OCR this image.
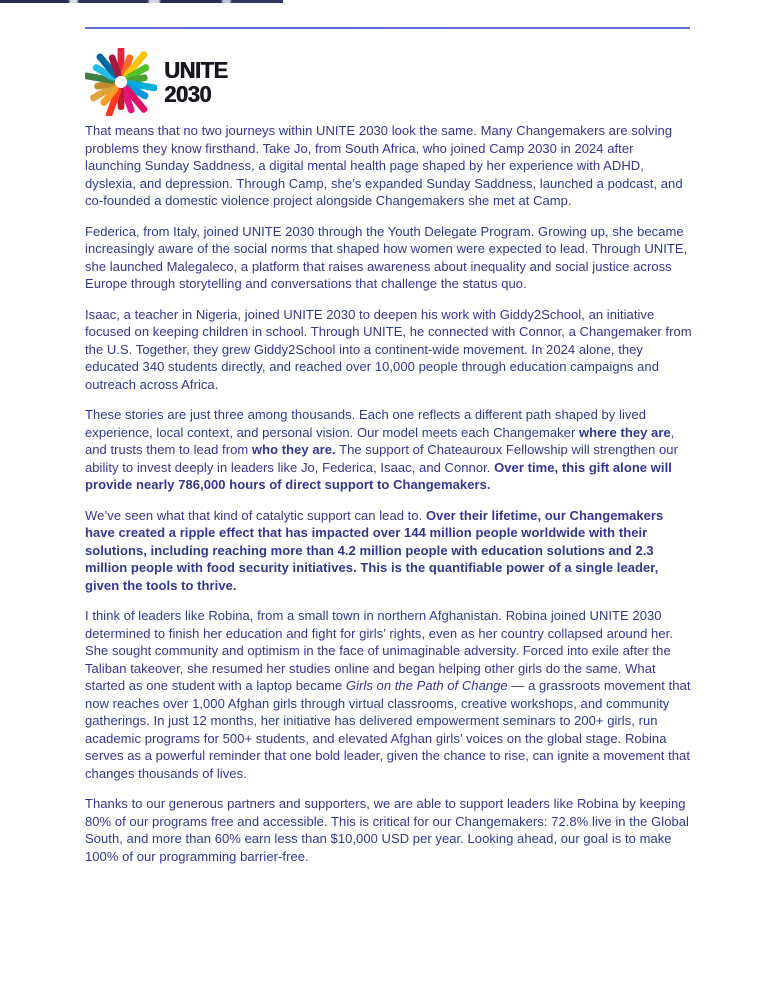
UNITE
2030

That means that no two journeys within UNITE 2030 look the same. Many Changemakers are solving problems they know firsthand. Take Jo, from South Africa, who joined Camp 2030 in 2024 after launching Sunday Saddness, a digital mental health page shaped by her experience with ADHD, dyslexia, and depression. Through Camp, she’s expanded Sunday Saddness, launched a podcast, and co-founded a domestic violence project alongside Changemakers she met at Camp.

Federica, from Italy, joined UNITE 2030 through the Youth Delegate Program. Growing up, she became increasingly aware of the social norms that shaped how women were expected to lead. Through UNITE, she launched Malegaleco, a platform that raises awareness about inequality and social justice across Europe through storytelling and conversations that challenge the status quo.

Isaac, a teacher in Nigeria, joined UNITE 2030 to deepen his work with Giddy2School, an initiative focused on keeping children in school. Through UNITE, he connected with Connor, a Changemaker from the U.S. Together, they grew Giddy2School into a continent-wide movement. In 2024 alone, they educated 340 students directly, and reached over 10,000 people through education campaigns and outreach across Africa.

These stories are just three among thousands. Each one reflects a different path shaped by lived experience, local context, and personal vision. Our model meets each Changemaker where they are, and trusts them to lead from who they are. The support of Chateauroux Fellowship will strengthen our ability to invest deeply in leaders like Jo, Federica, Isaac, and Connor. Over time, this gift alone will provide nearly 786,000 hours of direct support to Changemakers.

We’ve seen what that kind of catalytic support can lead to. Over their lifetime, our Changemakers have created a ripple effect that has impacted over 144 million people worldwide with their solutions, including reaching more than 4.2 million people with education solutions and 2.3 million people with food security initiatives. This is the quantifiable power of a single leader, given the tools to thrive.

I think of leaders like Robina, from a small town in northern Afghanistan. Robina joined UNITE 2030 determined to finish her education and fight for girls’ rights, even as her country collapsed around her. She sought community and optimism in the face of unimaginable adversity. Forced into exile after the Taliban takeover, she resumed her studies online and began helping other girls do the same. What started as one student with a laptop became Girls on the Path of Change — a grassroots movement that now reaches over 1,000 Afghan girls through virtual classrooms, creative workshops, and community gatherings. In just 12 months, her initiative has delivered empowerment seminars to 200+ girls, run academic programs for 500+ students, and elevated Afghan girls’ voices on the global stage. Robina serves as a powerful reminder that one bold leader, given the chance to rise, can ignite a movement that changes thousands of lives.

Thanks to our generous partners and supporters, we are able to support leaders like Robina by keeping 80% of our programs free and accessible. This is critical for our Changemakers: 72.8% live in the Global South, and more than 60% earn less than $10,000 USD per year. Looking ahead, our goal is to make 100% of our programming barrier-free.
